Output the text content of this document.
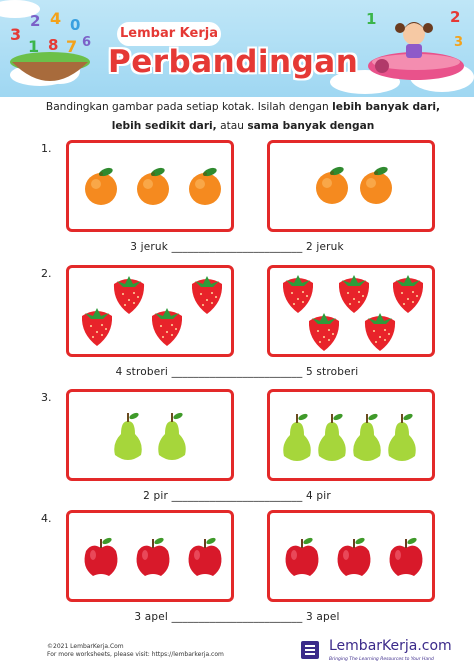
3
2 4 0
1 8 7 6
1	2
3
Lembar Kerja
Perbandingan
Bandingkan gambar pada setiap kotak. Isilah dengan lebih banyak dari,
lebih sedikit dari, atau sama banyak dengan
1.
3 jeruk ________________________ 2 jeruk
2.
4 stroberi ________________________ 5 stroberi
3.
2 pir ________________________ 4 pir
4.
3 apel ________________________ 3 apel
©2021 LembarKerja.Com
For more worksheets, please visit: https://lembarkerja.com
LembarKerja.com
Bringing The Learning Resources to Your Hand
